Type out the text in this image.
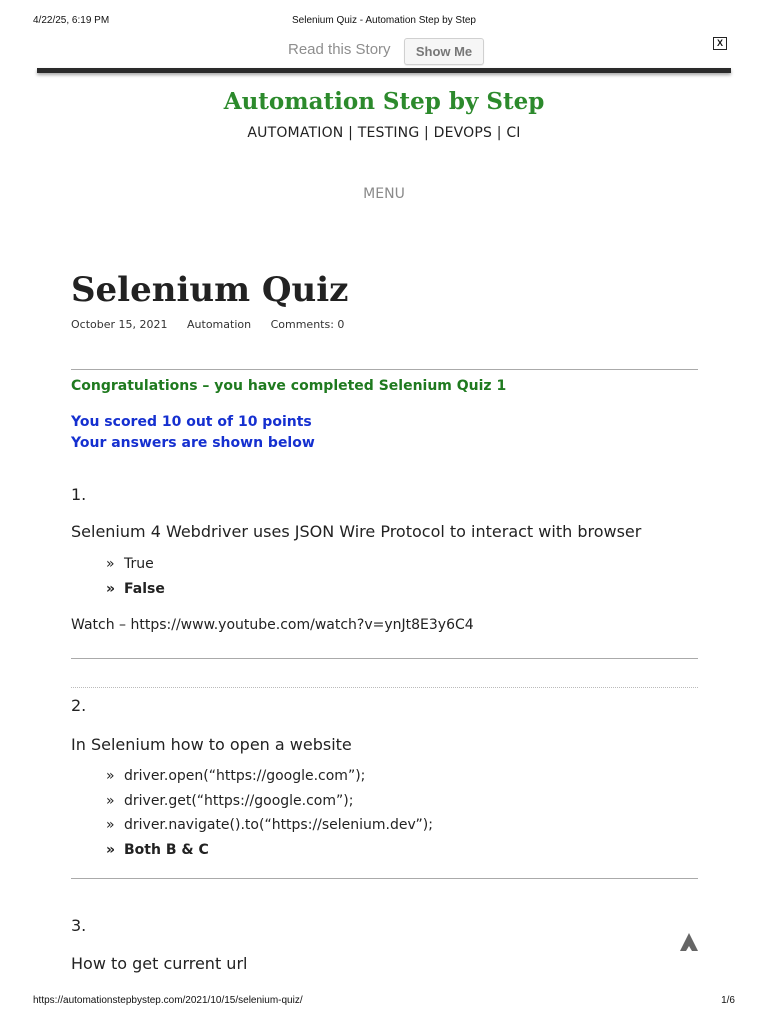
4/22/25, 6:19 PM	Selenium Quiz - Automation Step by Step
Read this Story	Show Me
X
Automation Step by Step
AUTOMATION | TESTING | DEVOPS | CI
MENU
Selenium Quiz
October 15, 2021 Automation Comments: 0
Congratulations – you have completed Selenium Quiz 1
You scored 10 out of 10 points
Your answers are shown below
1.
Selenium 4 Webdriver uses JSON Wire Protocol to interact with browser
» True
» False
Watch – https://www.youtube.com/watch?v=ynJt8E3y6C4
2.
In Selenium how to open a website
» driver.open(“https://google.com”);
» driver.get(“https://google.com”);
» driver.navigate().to(“https://selenium.dev”);
» Both B & C
3.
How to get current url
https://automationstepbystep.com/2021/10/15/selenium-quiz/	1/6
